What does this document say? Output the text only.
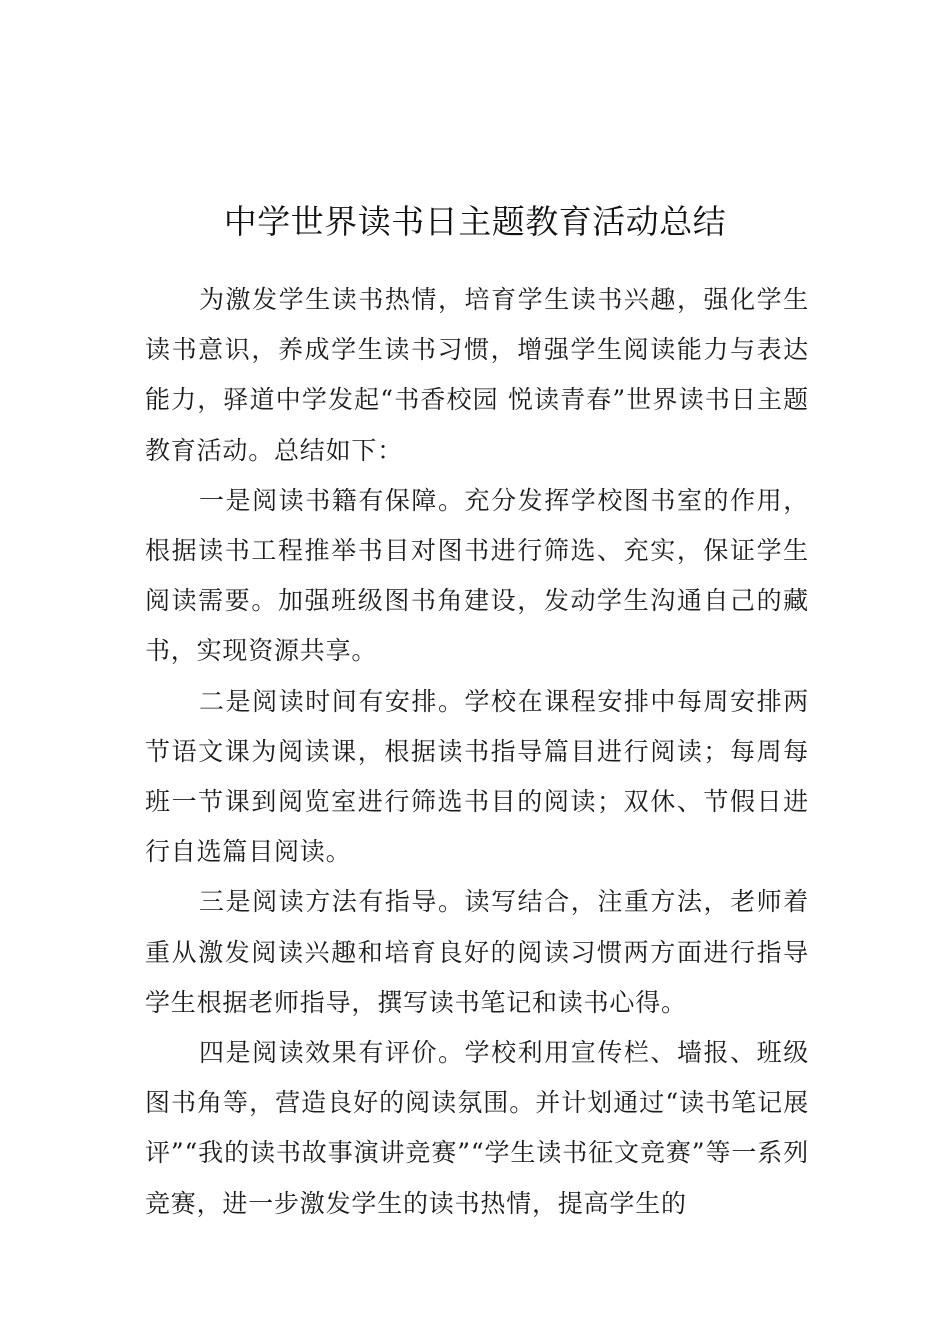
中学世界读书日主题教育活动总结

为激发学生读书热情，培育学生读书兴趣，强化学生读书意识，养成学生读书习惯，增强学生阅读能力与表达能力，驿道中学发起“书香校园 悦读青春”世界读书日主题教育活动。总结如下：

一是阅读书籍有保障。充分发挥学校图书室的作用，根据读书工程推举书目对图书进行筛选、充实，保证学生阅读需要。加强班级图书角建设，发动学生沟通自己的藏书，实现资源共享。

二是阅读时间有安排。学校在课程安排中每周安排两节语文课为阅读课，根据读书指导篇目进行阅读；每周每班一节课到阅览室进行筛选书目的阅读；双休、节假日进行自选篇目阅读。

三是阅读方法有指导。读写结合，注重方法，老师着重从激发阅读兴趣和培育良好的阅读习惯两方面进行指导学生根据老师指导，撰写读书笔记和读书心得。

四是阅读效果有评价。学校利用宣传栏、墙报、班级图书角等，营造良好的阅读氛围。并计划通过“读书笔记展评”“我的读书故事演讲竞赛”“学生读书征文竞赛”等一系列竞赛，进一步激发学生的读书热情，提高学生的
